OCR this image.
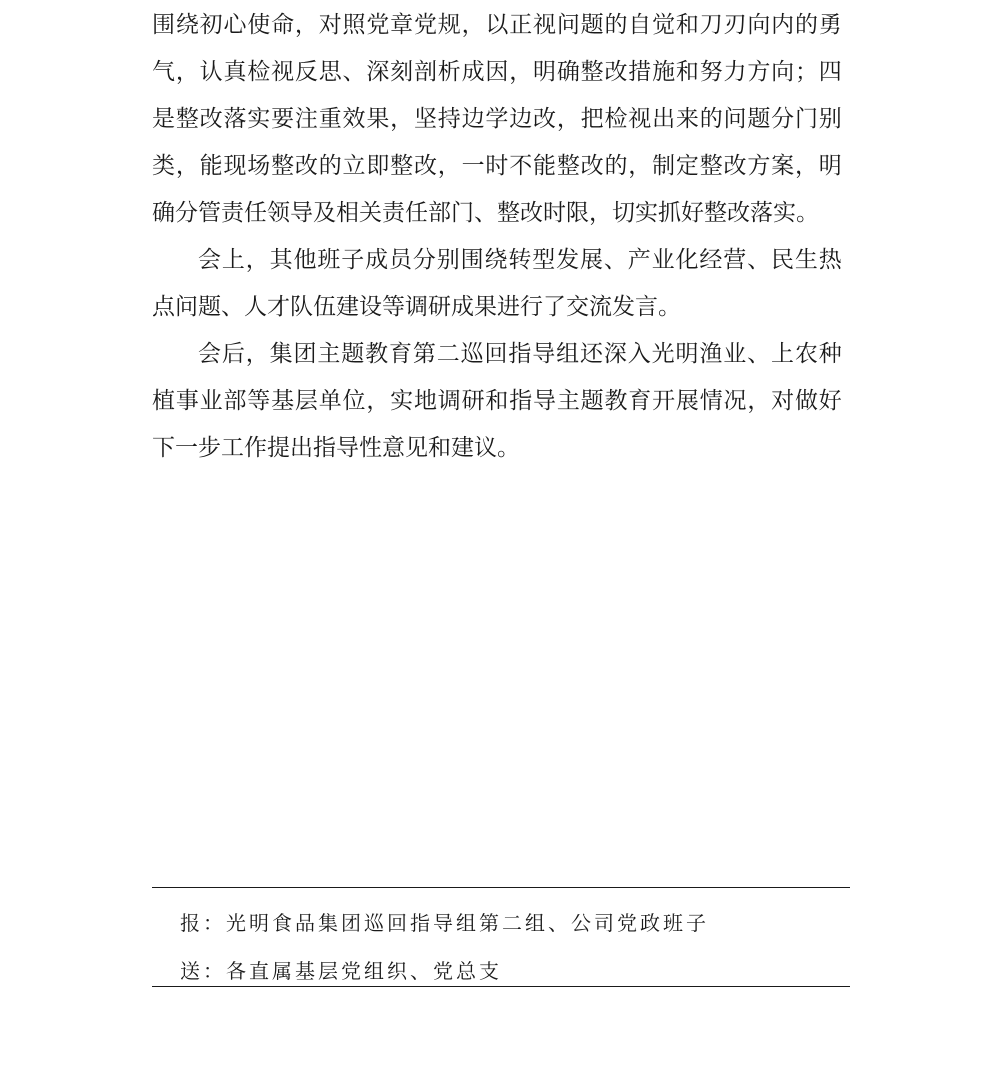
围 绕 初 心 使 命 ， 对 照 党 章 党 规 ， 以 正 视 问 题 的 自 觉 和 刀 刃 向 内 的 勇
气 ， 认 真 检 视 反 思 、 深 刻 剖 析 成 因 ， 明 确 整 改 措 施 和 努 力 方 向 ； 四
是 整 改 落 实 要 注 重 效 果 ， 坚 持 边 学 边 改 ， 把 检 视 出 来 的 问 题 分 门 别
类 ， 能 现 场 整 改 的 立 即 整 改 ， 一 时 不 能 整 改 的 ， 制 定 整 改 方 案 ， 明
确分管责任领导及相关责任部门、整改时限，切实抓好整改落实。
会 上 ， 其 他 班 子 成 员 分 别 围 绕 转 型 发 展 、 产 业 化 经 营 、 民 生 热
点问题、人才队伍建设等调研成果进行了交流发言。
会 后 ， 集 团 主 题 教 育 第 二 巡 回 指 导 组 还 深 入 光 明 渔 业 、 上 农 种
植 事 业 部 等 基 层 单 位 ， 实 地 调 研 和 指 导 主 题 教 育 开 展 情 况 ， 对 做 好
下一步工作提出指导性意见和建议。
报：光明食品集团巡回指导组第二组、公司党政班子
送：各直属基层党组织、党总支
